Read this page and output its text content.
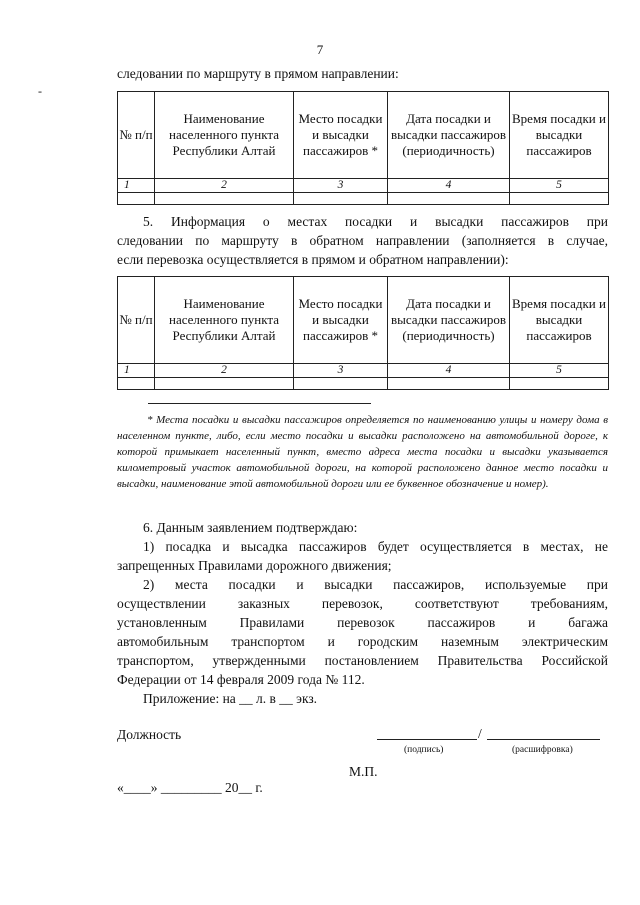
7
-
следовании по маршруту в прямом направлении:
№ п/п	Наименование населенного пункта Республики Алтай	Место посадки и высадки пассажиров *	Дата посадки и высадки пассажиров (периодичность)	Время посадки и высадки пассажиров
1	2	3	4	5

5. Информация о местах посадки и высадки пассажиров при
следовании по маршруту в обратном направлении (заполняется в случае,
если перевозка осуществляется в прямом и обратном направлении):
№ п/п	Наименование населенного пункта Республики Алтай	Место посадки и высадки пассажиров *	Дата посадки и высадки пассажиров (периодичность)	Время посадки и высадки пассажиров
1	2	3	4	5

* Места посадки и высадки пассажиров определяется по наименованию улицы и номеру дома в населенном пункте, либо, если место посадки и высадки расположено на автомобильной дороге, к которой примыкает населенный пункт, вместо адреса места посадки и высадки указывается километровый участок автомобильной дороги, на которой расположено данное место посадки и высадки, наименование этой автомобильной дороги или ее буквенное обозначение и номер).
6. Данным заявлением подтверждаю:
1) посадка и высадка пассажиров будет осуществляется в местах, не
запрещенных Правилами дорожного движения;
2) места посадки и высадки пассажиров, используемые при
осуществлении заказных перевозок, соответствуют требованиям,
установленным Правилами перевозок пассажиров и багажа
автомобильным транспортом и городским наземным электрическим
транспортом, утвержденными постановлением Правительства Российской
Федерации от 14 февраля 2009 года № 112.
Приложение: на __ л. в __ экз.
Должность	/
(подпись)	(расшифровка)
М.П.
«____» _________ 20__ г.
